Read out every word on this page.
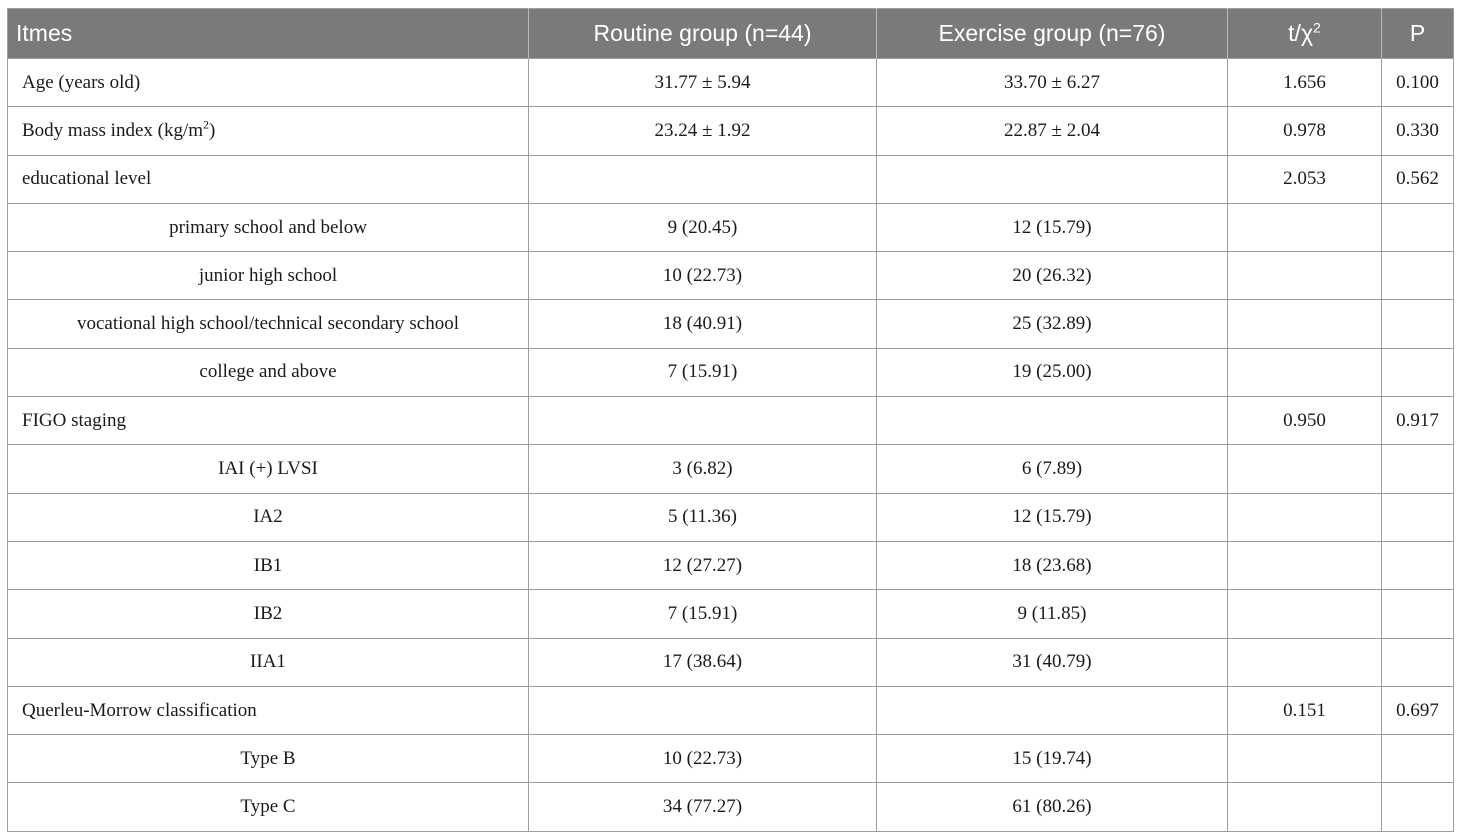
Itmes	Routine group (n=44)	Exercise group (n=76)	$t/\chi^2$	P
Age (years old)	31.77 ± 5.94	33.70 ± 6.27	1.656	0.100
Body mass index $(kg/m^2)$	23.24 ± 1.92	22.87 ± 2.04	0.978	0.330
educational level			2.053	0.562
primary school and below	9 (20.45)	12 (15.79)		
junior high school	10 (22.73)	20 (26.32)		
vocational high school/technical secondary school	18 (40.91)	25 (32.89)		
college and above	7 (15.91)	19 (25.00)		
FIGO staging			0.950	0.917
IAI (+) LVSI	3 (6.82)	6 (7.89)		
IA2	5 (11.36)	12 (15.79)		
IB1	12 (27.27)	18 (23.68)		
IB2	7 (15.91)	9 (11.85)		
IIA1	17 (38.64)	31 (40.79)		
Querleu-Morrow classification			0.151	0.697
Type B	10 (22.73)	15 (19.74)		
Type C	34 (77.27)	61 (80.26)		
